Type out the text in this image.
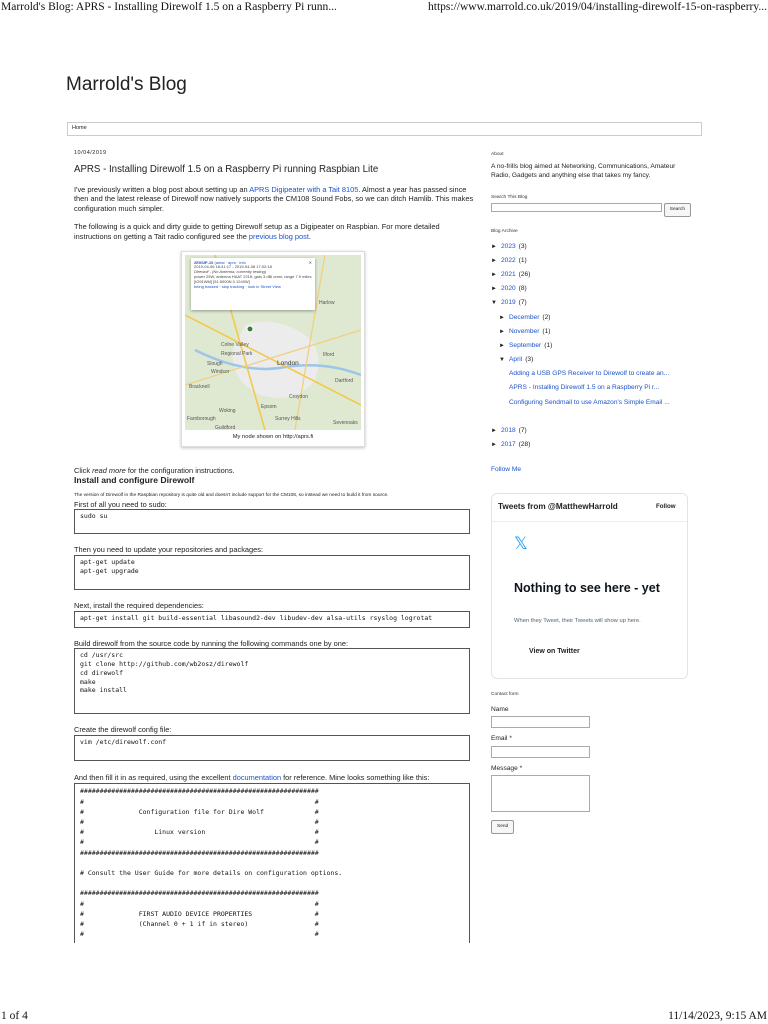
Marrold's Blog: APRS - Installing Direwolf 1.5 on a Raspberry Pi runn...	https://www.marrold.co.uk/2019/04/installing-direwolf-15-on-raspberry...
Marrold's Blog
Home
10/04/2019
APRS - Installing Direwolf 1.5 on a Raspberry Pi running Raspbian Lite

I've previously written a blog post about setting up an APRS Digipeater with a Tait 8105. Almost a year has passed since then and the latest release of Direwolf now natively supports the CM108 Sound Fobs, so we can ditch Hamlib. This makes configuration much simpler.

The following is a quick and dirty guide to getting Direwolf setup as a Digipeater on Raspbian. For more detailed instructions on getting a Tait radio configured see the previous blog post.

London
Slough
Windsor
Croydon
Epsom
Woking
Guildford
Farnborough
Bracknell
Harlow
Dartford
Ilford
Sevenoaks
Colne Valley Regional Park
Surrey Hills
2E0SIP-10 (antai · aprs · info	✕
2019-04-06 16:41:17 - 2019-04-08 17:02:18
Direwolf - (No Antenna, currently testing)
power 25W, antenna HAAT 221ft, gain 3 dBi omni, range 7.9 miles
[IO91WM] [51.5000N 0.1240W]
being tracked · stop tracking · look in Street View
My node shown on http://aprs.fi

Click read more for the configuration instructions.

Install and configure Direwolf
The version of Direwolf in the Raspbian repository is quite old and doesn't include support for the CM108, so instead we need to build it from source.
First of all you need to sudo:
sudo su
Then you need to update your repositories and packages:
apt-get update
apt-get upgrade
Next, install the required dependencies:
apt-get install git build-essential libasound2-dev libudev-dev alsa-utils rsyslog logrotat
Build direwolf from the source code by running the following commands one by one:
cd /usr/src
git clone http://github.com/wb2osz/direwolf
cd direwolf
make
make install
Create the direwolf config file:
vim /etc/direwolf.conf

And then fill it in as required, using the excellent documentation for reference. Mine looks something like this:

#############################################################
#                                                           #
#              Configuration file for Dire Wolf             #
#                                                           #
#                  Linux version                            #
#                                                           #
#############################################################

# Consult the User Guide for more details on configuration options.

#############################################################
#                                                           #
#              FIRST AUDIO DEVICE PROPERTIES                #
#              (Channel 0 + 1 if in stereo)                 #
#                                                           #
About
A no-frills blog aimed at Networking, Communications, Amateur Radio, Gadgets and anything else that takes my fancy.
Search This Blog
Search
Blog Archive
► 2023 (3)
► 2022 (1)
► 2021 (26)
► 2020 (8)
▼ 2019 (7)
► December (2)
► November (1)
► September (1)
▼ April (3)
Adding a USB GPS Receiver to Direwolf to create an...
APRS - Installing Direwolf 1.5 on a Raspberry Pi r...
Configuring Sendmail to use Amazon's Simple Email ...
► 2018 (7)
► 2017 (28)
Follow Me
Tweets from @MatthewHarrold	Follow
𝕏
Nothing to see here - yet
When they Tweet, their Tweets will show up here.
View on Twitter
Contact form
Name
Email *
Message *
Send
1 of 4	11/14/2023, 9:15 AM
